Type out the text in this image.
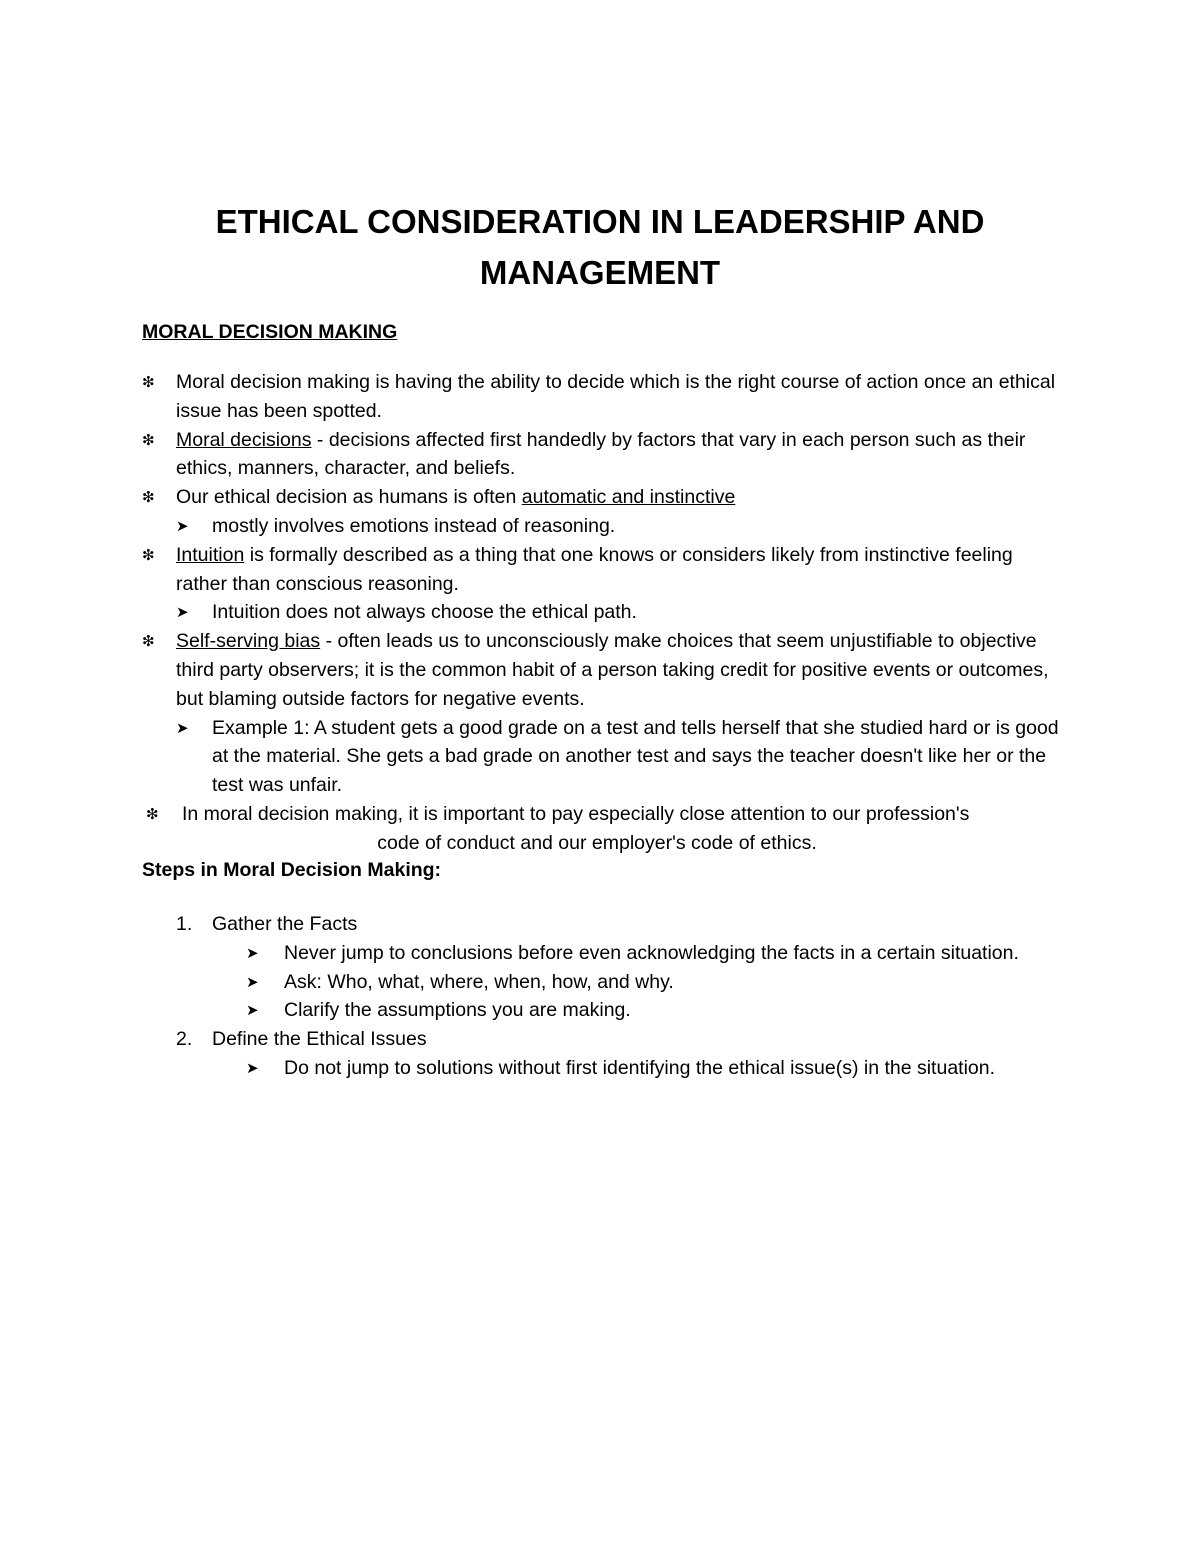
ETHICAL CONSIDERATION IN LEADERSHIP AND
MANAGEMENT
MORAL DECISION MAKING

❇	Moral decision making is having the ability to decide which is the right course of action once an ethical issue has been spotted.

❇	Moral decisions - decisions affected first handedly by factors that vary in each person such as their ethics, manners, character, and beliefs.

❇	Our ethical decision as humans is often automatic and instinctive

➤ mostly involves emotions instead of reasoning.

❇	Intuition is formally described as a thing that one knows or considers likely from instinctive feeling rather than conscious reasoning.

➤ Intuition does not always choose the ethical path.

❇	Self-serving bias - often leads us to unconsciously make choices that seem unjustifiable to objective third party observers; it is the common habit of a person taking credit for positive events or outcomes, but blaming outside factors for negative events.

➤ Example 1: A student gets a good grade on a test and tells herself that she studied hard or is good at the material. She gets a bad grade on another test and says the teacher doesn't like her or the test was unfair.

❇ In moral decision making, it is important to pay especially close attention to our profession's
code of conduct and our employer's code of ethics.

Steps in Moral Decision Making:

1. Gather the Facts

➤ Never jump to conclusions before even acknowledging the facts in a certain situation.

➤ Ask: Who, what, where, when, how, and why.

➤ Clarify the assumptions you are making.

2. Define the Ethical Issues

➤ Do not jump to solutions without first identifying the ethical issue(s) in the situation.
